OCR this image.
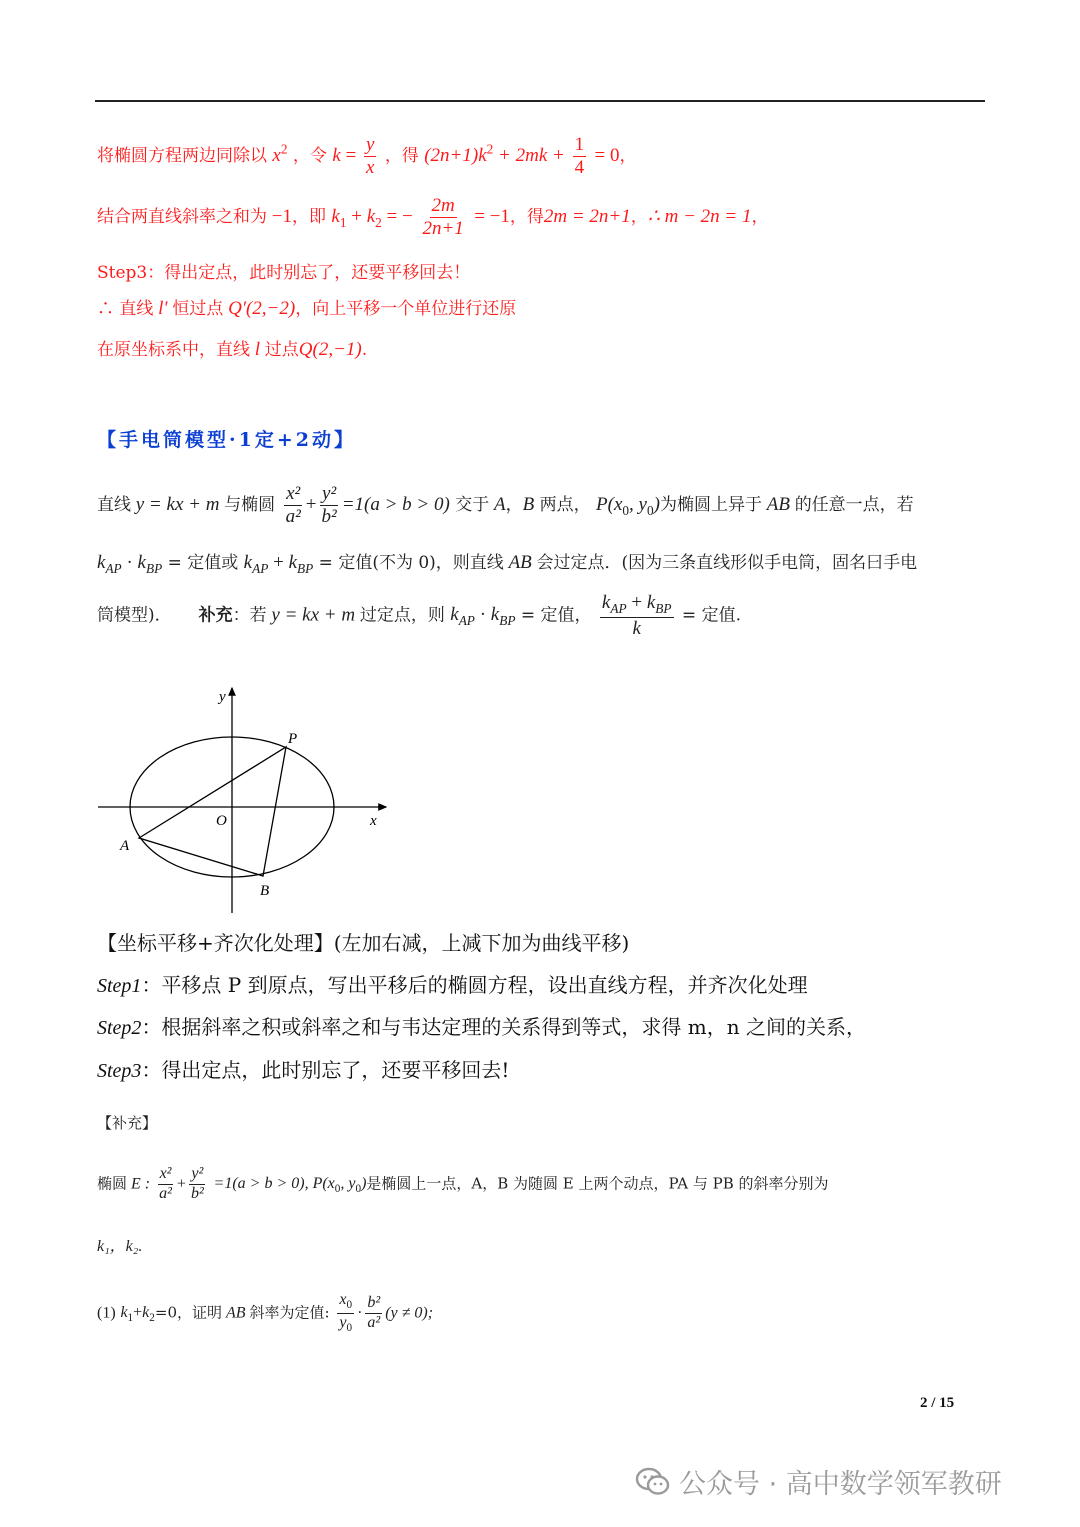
将椭圆方程两边同除以 $x^2$ ，令 $k = \frac{y}{x}$ ，得 $(2n+1)k^2 + 2mk + \frac{1}{4} = 0$，
结合两直线斜率之和为 −1，即 $k_1 + k_2$ = − $\frac{2m}{2n+1} = -1$，得2m = 2n+1，∴ m − 2n = 1，
Step3：得出定点，此时别忘了，还要平移回去！
∴ 直线 l′ 恒过点 Q′(2,−2)，向上平移一个单位进行还原
在原坐标系中，直线 l 过点Q(2,−1).
【手电筒模型·1定+2动】
直线 y = kx + m 与椭圆 $\frac{\text{x²}}{\text{a²}} + \frac{\text{y²}}{\text{b²}} =1(a > b > 0)$ 交于 A，B 两点， $P(x_0$, $y_0$)为椭圆上异于 AB 的任意一点，若
$k_{AP} \cdot k_{BP}$ = 定值或 $k_{AP} + k_{BP}$ = 定值(不为 0)，则直线 AB 会过定点．(因为三条直线形似手电筒，固名曰手电
筒模型)． 补充：若 y = kx + m 过定点，则 $k_{AP} \cdot k_{BP}$ = 定值， $\frac{k_{AP} + k_{BP}}{k}$ = 定值.
y
x
O
P
A
B
【坐标平移+齐次化处理】(左加右减，上减下加为曲线平移)
Step1：平移点 P 到原点，写出平移后的椭圆方程，设出直线方程，并齐次化处理
Step2：根据斜率之积或斜率之和与韦达定理的关系得到等式，求得 m，n 之间的关系，
Step3：得出定点，此时别忘了，还要平移回去!
【补充】
椭圆 E : $\frac{\text{x²}}{\text{a²}} + \frac{\text{y²}}{\text{b²}} =1(a > b > 0)$, $P(x_0$, $y_0$)是椭圆上一点，A，B 为随圆 E 上两个动点，PA 与 PB 的斜率分别为
k₁，k₂.
(1) $k_1+k_2=0$，证明 AB 斜率为定值: $\frac{x_0}{y_0} \cdot \frac{\text{b²}}{\text{a²}} (y \ne 0)$;
2 / 15
公众号 · 高中数学领军教研
